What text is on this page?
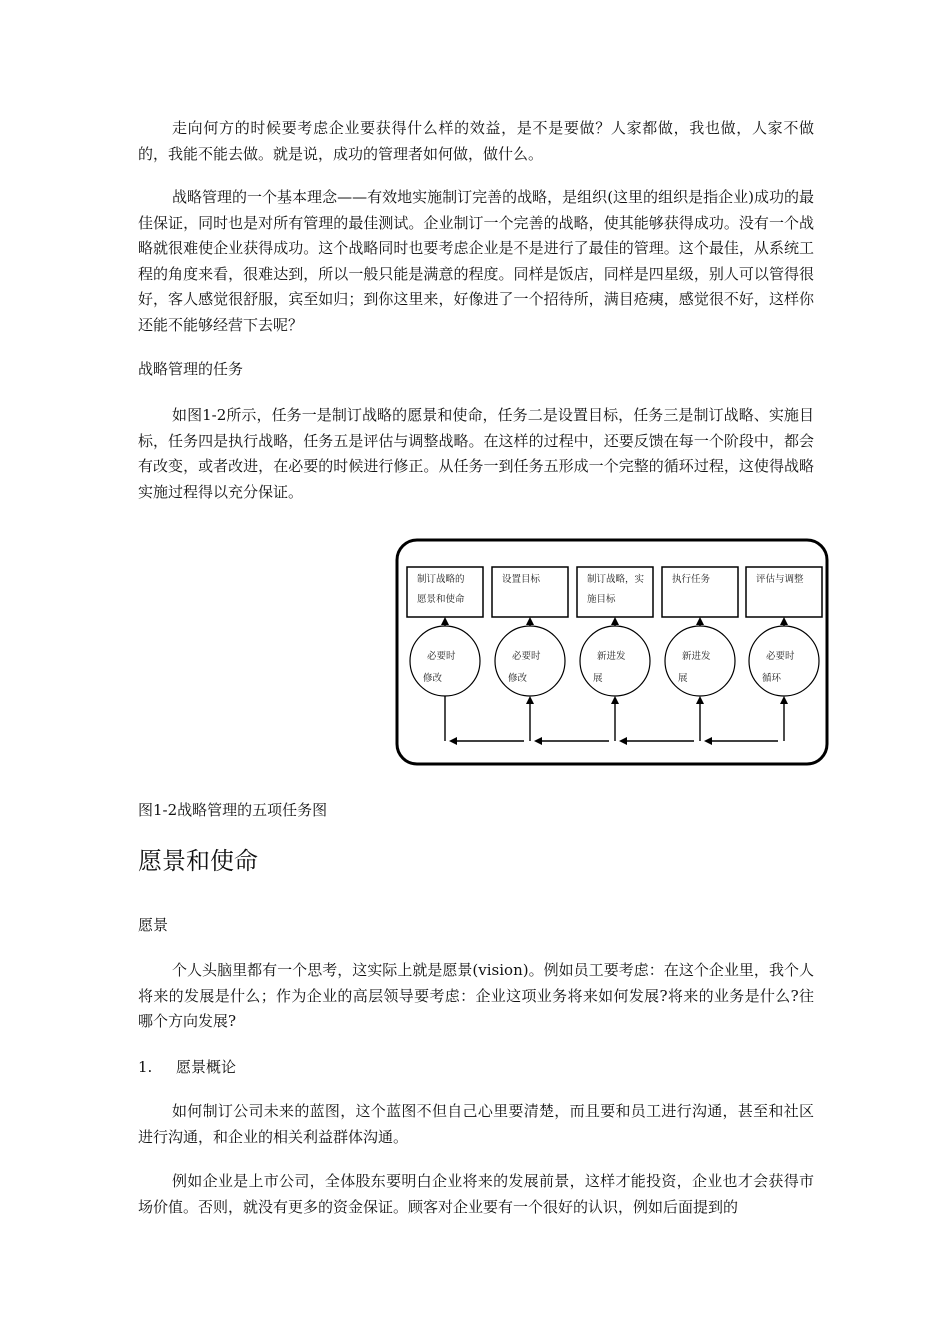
走向何方的时候要考虑企业要获得什么样的效益，是不是要做？人家都做，我也做，人家不做的，我能不能去做。就是说，成功的管理者如何做，做什么。

战略管理的一个基本理念——有效地实施制订完善的战略，是组织(这里的组织是指企业)成功的最佳保证，同时也是对所有管理的最佳测试。企业制订一个完善的战略，使其能够获得成功。没有一个战略就很难使企业获得成功。这个战略同时也要考虑企业是不是进行了最佳的管理。这个最佳，从系统工程的角度来看，很难达到，所以一般只能是满意的程度。同样是饭店，同样是四星级，别人可以管得很好，客人感觉很舒服，宾至如归；到你这里来，好像进了一个招待所，满目疮痍，感觉很不好，这样你还能不能够经营下去呢？

战略管理的任务

如图1-2所示，任务一是制订战略的愿景和使命，任务二是设置目标，任务三是制订战略、实施目标，任务四是执行战略，任务五是评估与调整战略。在这样的过程中，还要反馈在每一个阶段中，都会有改变，或者改进，在必要的时候进行修正。从任务一到任务五形成一个完整的循环过程，这使得战略实施过程得以充分保证。

制订战略的
愿景和使命
必要时
修改
设置目标
必要时
修改
制订战略，实
施目标
新进发
展
执行任务
新进发
展
评估与调整
必要时
循环

图1-2战略管理的五项任务图

愿景和使命

愿景

个人头脑里都有一个思考，这实际上就是愿景(vision)。例如员工要考虑：在这个企业里，我个人将来的发展是什么；作为企业的高层领导要考虑：企业这项业务将来如何发展?将来的业务是什么?往哪个方向发展?

1. 愿景概论

如何制订公司未来的蓝图，这个蓝图不但自己心里要清楚，而且要和员工进行沟通，甚至和社区进行沟通，和企业的相关利益群体沟通。

例如企业是上市公司，全体股东要明白企业将来的发展前景，这样才能投资，企业也才会获得市场价值。否则，就没有更多的资金保证。顾客对企业要有一个很好的认识，例如后面提到的
